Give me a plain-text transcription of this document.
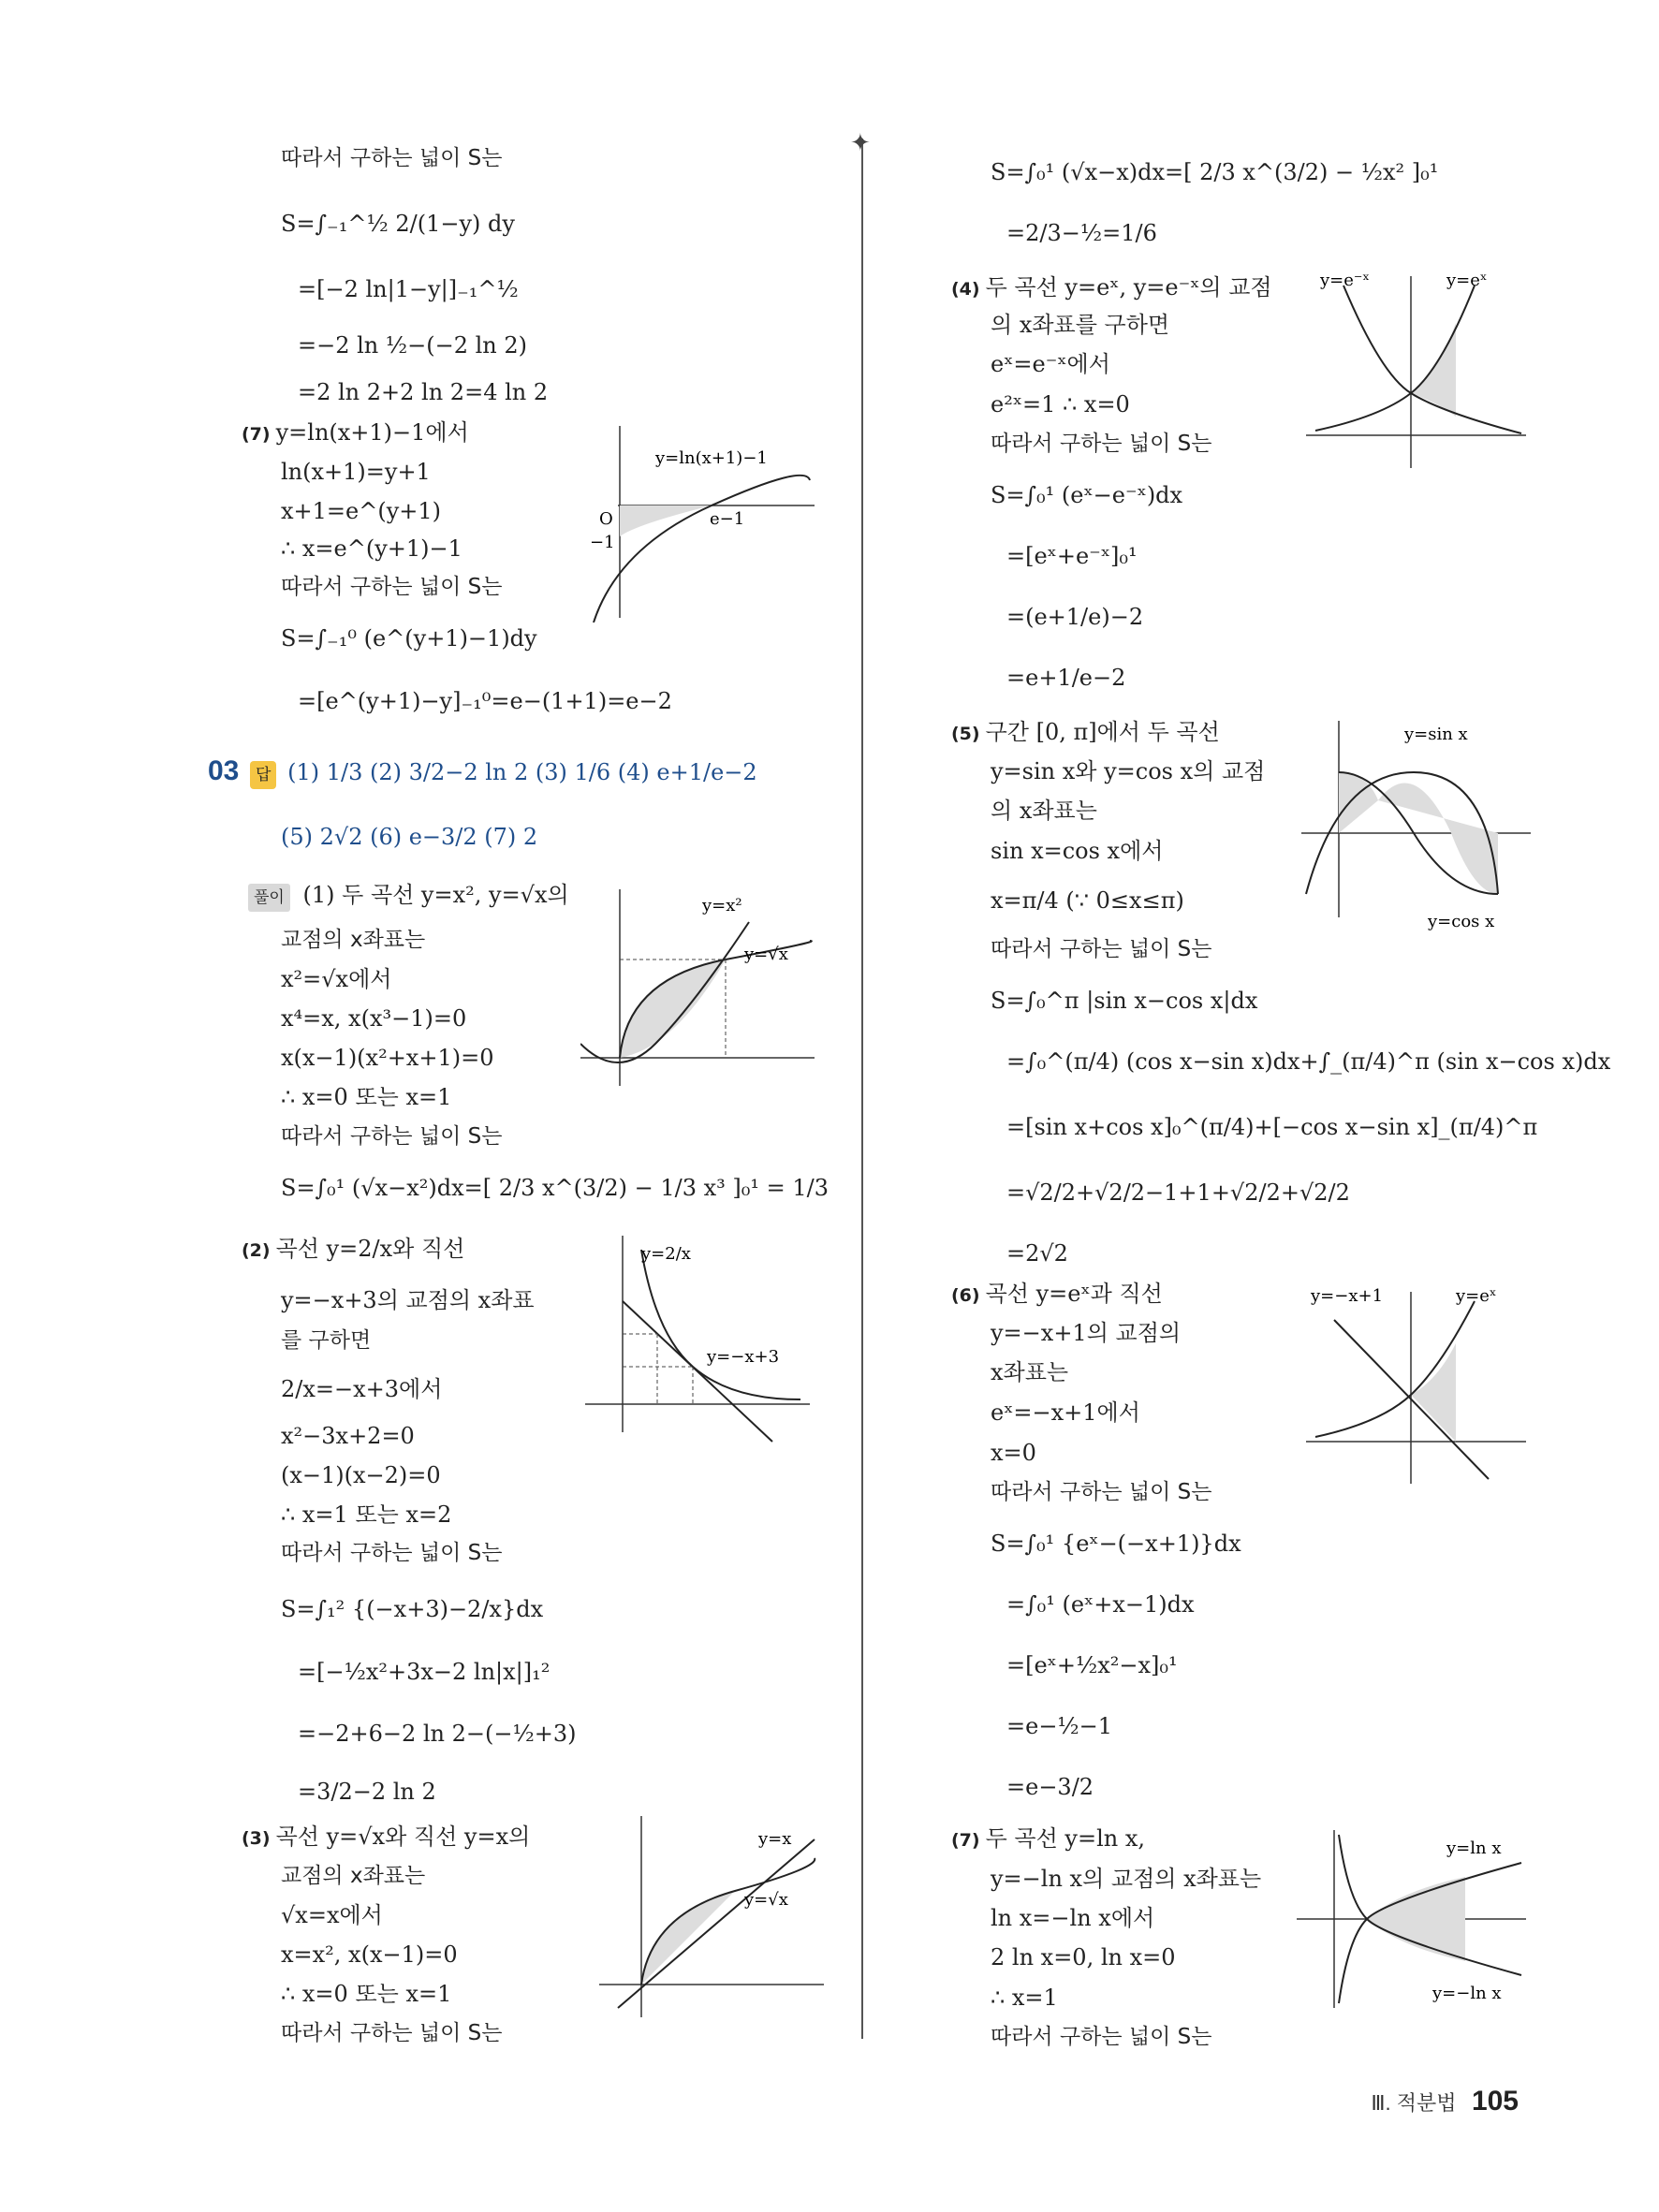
따라서 구하는 넓이 S는
S=∫₋₁^½ 2/(1−y) dy
=[−2 ln|1−y|]₋₁^½
=−2 ln ½−(−2 ln 2)
=2 ln 2+2 ln 2=4 ln 2
(7) y=ln(x+1)−1에서
ln(x+1)=y+1
x+1=e^(y+1)
∴ x=e^(y+1)−1
따라서 구하는 넓이 S는
S=∫₋₁⁰ (e^(y+1)−1)dy
=[e^(y+1)−y]₋₁⁰=e−(1+1)=e−2
교점의 x좌표는
x²=√x에서
x⁴=x, x(x³−1)=0
x(x−1)(x²+x+1)=0
∴ x=0 또는 x=1
따라서 구하는 넓이 S는
S=∫₀¹ (√x−x²)dx=[ 2/3 x^(3/2) − 1/3 x³ ]₀¹ = 1/3
(2) 곡선 y=2/x와 직선
y=−x+3의 교점의 x좌표
를 구하면
2/x=−x+3에서
x²−3x+2=0
(x−1)(x−2)=0
∴ x=1 또는 x=2
따라서 구하는 넓이 S는
S=∫₁² {(−x+3)−2/x}dx
=[−½x²+3x−2 ln|x|]₁²
=−2+6−2 ln 2−(−½+3)
=3/2−2 ln 2
(3) 곡선 y=√x와 직선 y=x의
교점의 x좌표는
√x=x에서
x=x², x(x−1)=0
∴ x=0 또는 x=1
따라서 구하는 넓이 S는
S=∫₀¹ (√x−x)dx=[ 2/3 x^(3/2) − ½x² ]₀¹
=2/3−½=1/6
(4) 두 곡선 y=eˣ, y=e⁻ˣ의 교점
의 x좌표를 구하면
eˣ=e⁻ˣ에서
e²ˣ=1 ∴ x=0
따라서 구하는 넓이 S는
S=∫₀¹ (eˣ−e⁻ˣ)dx
=[eˣ+e⁻ˣ]₀¹
=(e+1/e)−2
=e+1/e−2
(5) 구간 [0, π]에서 두 곡선
y=sin x와 y=cos x의 교점
의 x좌표는
sin x=cos x에서
x=π/4 (∵ 0≤x≤π)
따라서 구하는 넓이 S는
S=∫₀^π |sin x−cos x|dx
=∫₀^(π/4) (cos x−sin x)dx+∫_(π/4)^π (sin x−cos x)dx
=[sin x+cos x]₀^(π/4)+[−cos x−sin x]_(π/4)^π
=√2/2+√2/2−1+1+√2/2+√2/2
=2√2
(6) 곡선 y=eˣ과 직선
y=−x+1의 교점의
x좌표는
eˣ=−x+1에서
x=0
따라서 구하는 넓이 S는
S=∫₀¹ {eˣ−(−x+1)}dx
=∫₀¹ (eˣ+x−1)dx
=[eˣ+½x²−x]₀¹
=e−½−1
=e−3/2
(7) 두 곡선 y=ln x,
y=−ln x의 교점의 x좌표는
ln x=−ln x에서
2 ln x=0, ln x=0
∴ x=1
따라서 구하는 넓이 S는
03 답 (1) 1/3 (2) 3/2−2 ln 2 (3) 1/6 (4) e+1/e−2
(5) 2√2 (6) e−3/2 (7) 2
풀이 (1) 두 곡선 y=x², y=√x의
✦
O
−1
e−1
y=ln(x+1)−1
y=x²
y=√x
y=2/x
y=−x+3
y=x
y=√x
y=e⁻ˣ	y=eˣ
y=sin x
y=cos x
y=−x+1	y=eˣ
y=ln x
y=−ln x
Ⅲ. 적분법 105
